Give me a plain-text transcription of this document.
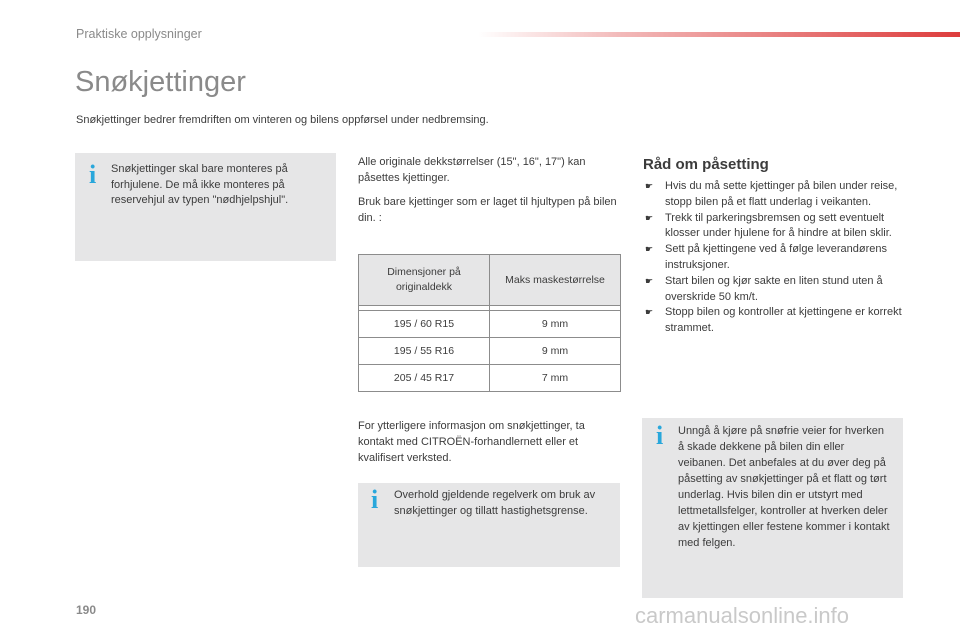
Praktiske opplysninger
Snøkjettinger
Snøkjettinger bedrer fremdriften om vinteren og bilens oppførsel under nedbremsing.
i Snøkjettinger skal bare monteres på forhjulene. De må ikke monteres på reservehjul av typen "nødhjelpshjul".
Alle originale dekkstørrelser (15", 16", 17") kan påsettes kjettinger.
Bruk bare kjettinger som er laget til hjultypen på bilen din. :
Dimensjoner på originaldekk	Maks maskestørrelse

195 / 60 R15	9 mm
195 / 55 R16	9 mm
205 / 45 R17	7 mm
For ytterligere informasjon om snøkjettinger, ta kontakt med CITROËN-forhandlernett eller et kvalifisert verksted.
i Overhold gjeldende regelverk om bruk av snøkjettinger og tillatt hastighetsgrense.
Råd om påsetting
☛ Hvis du må sette kjettinger på bilen under reise, stopp bilen på et flatt underlag i veikanten.
☛ Trekk til parkeringsbremsen og sett eventuelt klosser under hjulene for å hindre at bilen sklir.
☛ Sett på kjettingene ved å følge leverandørens instruksjoner.
☛ Start bilen og kjør sakte en liten stund uten å overskride 50 km/t.
☛ Stopp bilen og kontroller at kjettingene er korrekt strammet.
i Unngå å kjøre på snøfrie veier for hverken å skade dekkene på bilen din eller veibanen. Det anbefales at du øver deg på påsetting av snøkjettinger på et flatt og tørt underlag. Hvis bilen din er utstyrt med lettmetallsfelger, kontroller at hverken deler av kjettingen eller festene kommer i kontakt med felgen.
190	carmanualsonline.info
